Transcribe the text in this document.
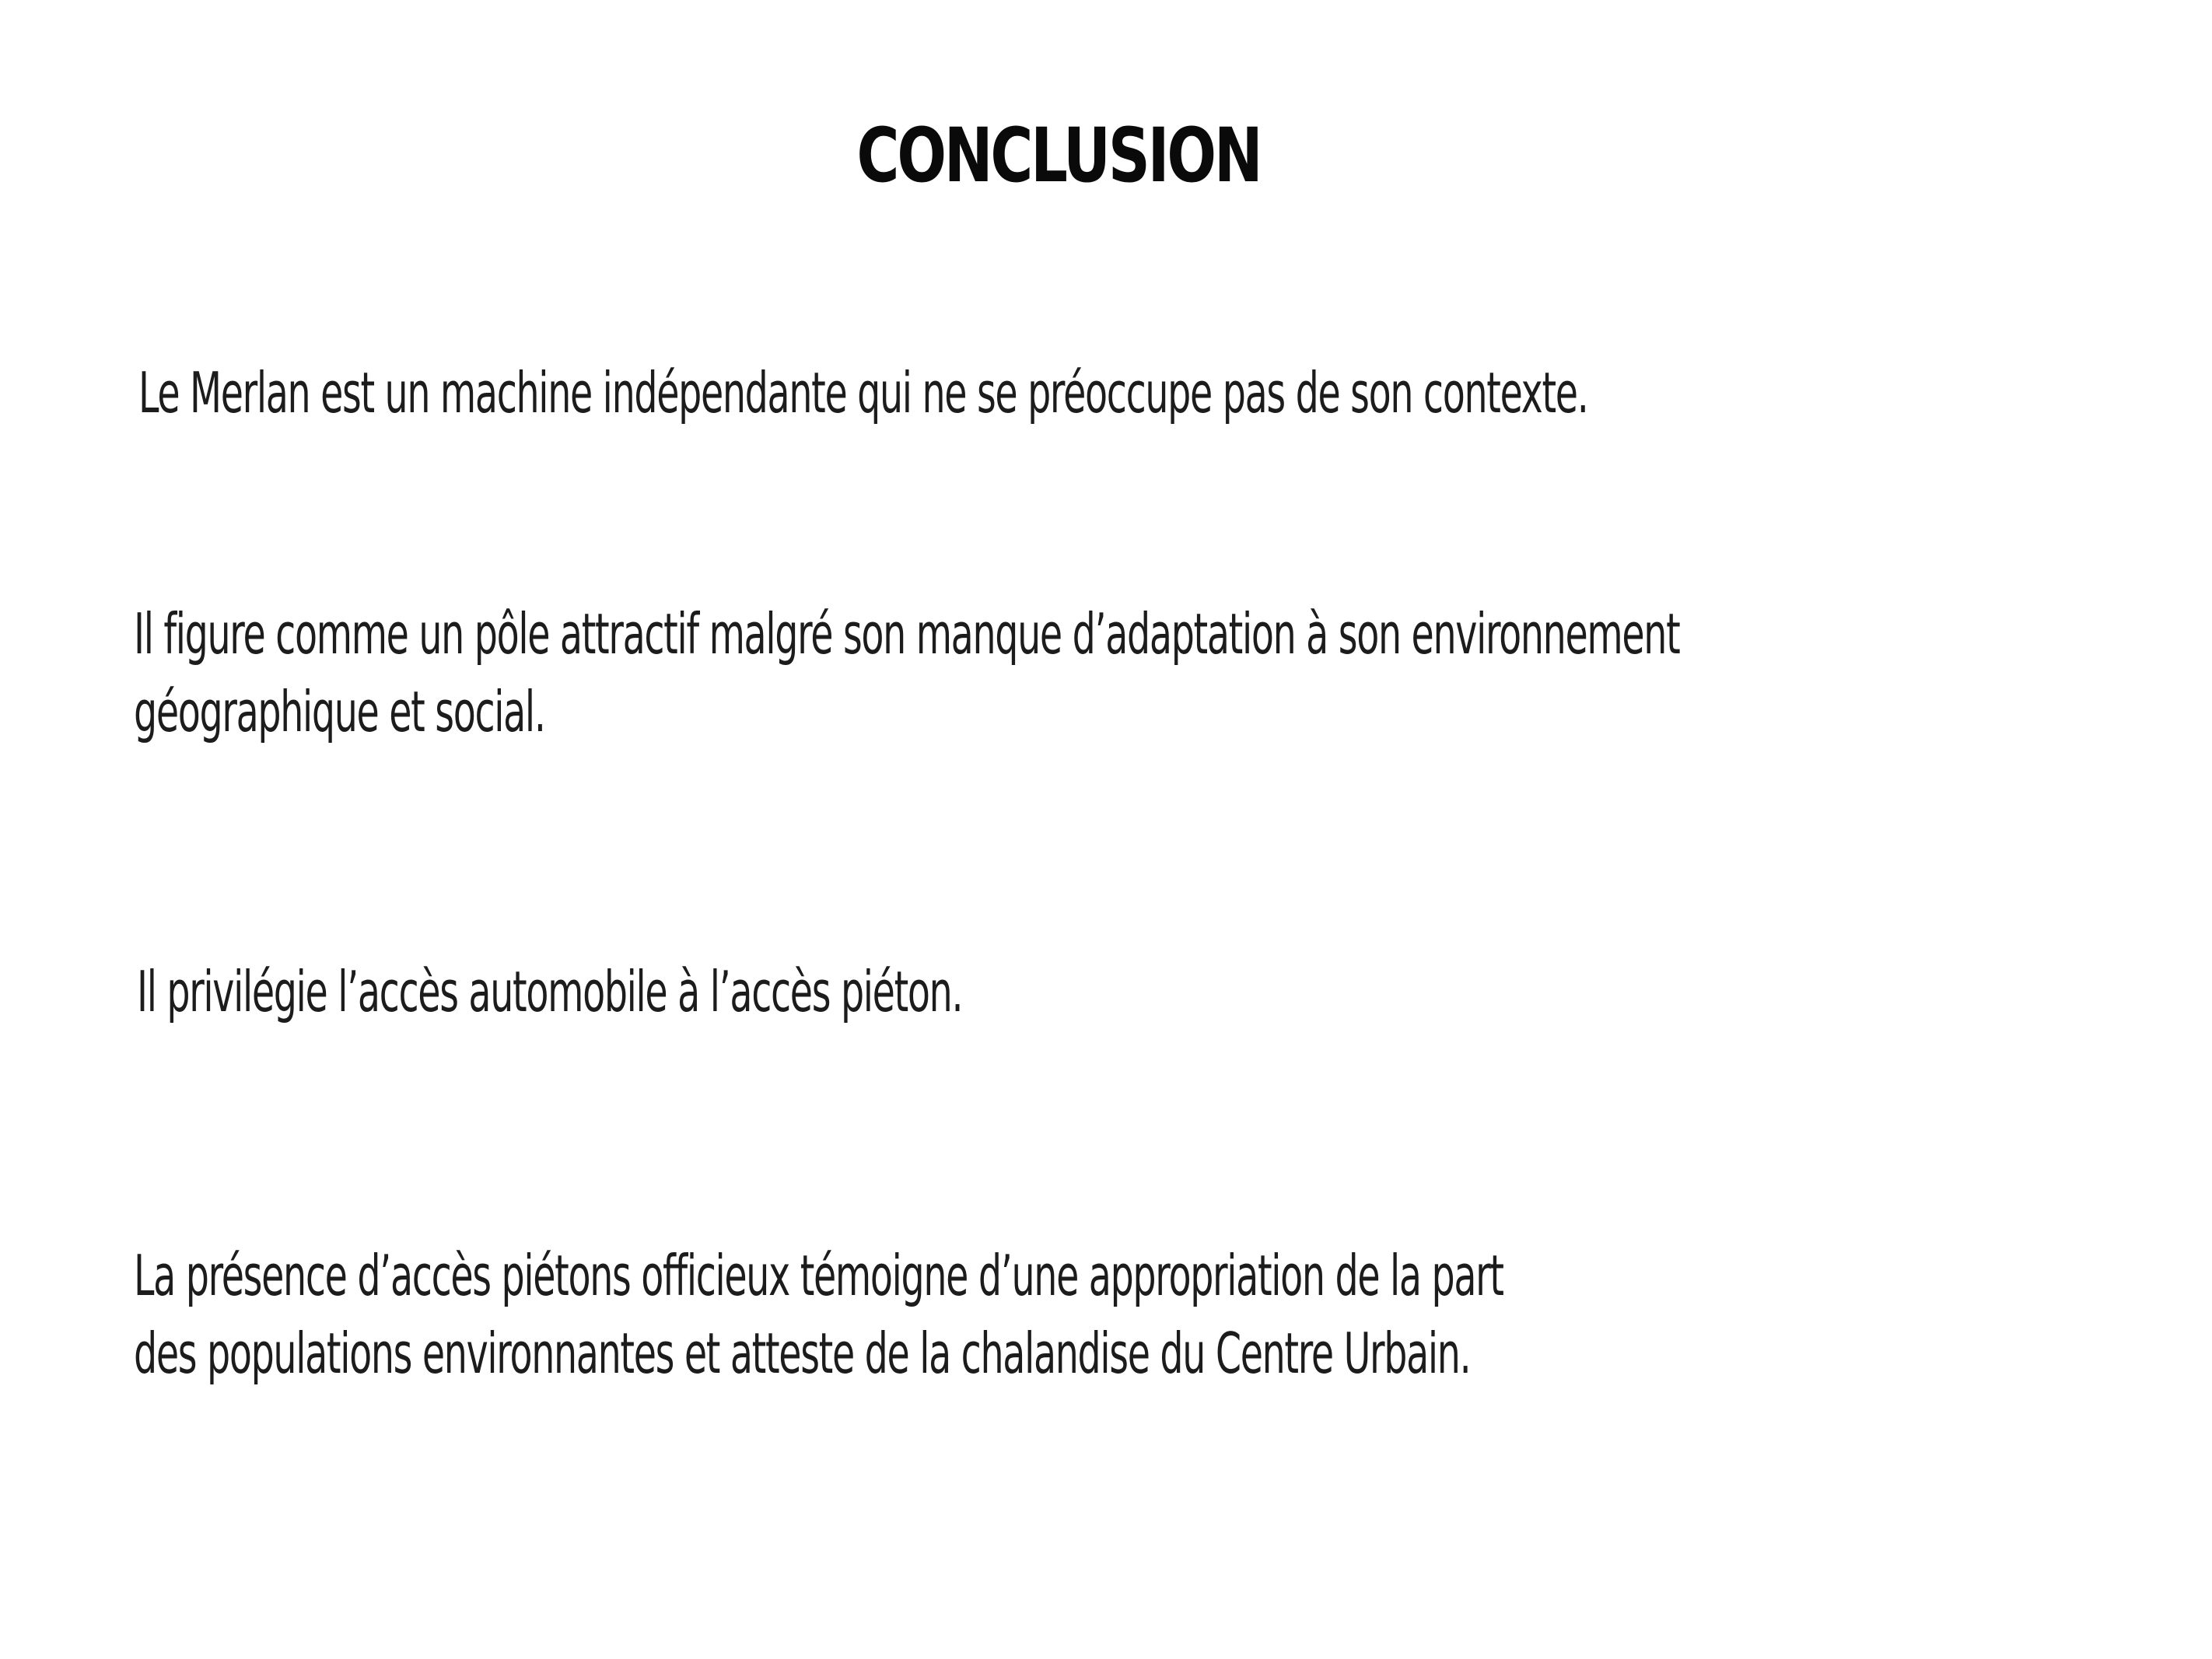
CONCLUSION

Le Merlan est un machine indépendante qui ne se préoccupe pas de son contexte.

Il figure comme un pôle attractif malgré son manque d’adaptation à son environnement
géographique et social.

Il privilégie l’accès automobile à l’accès piéton.

La présence d’accès piétons officieux témoigne d’une appropriation de la part
des populations environnantes et atteste de la chalandise du Centre Urbain.
